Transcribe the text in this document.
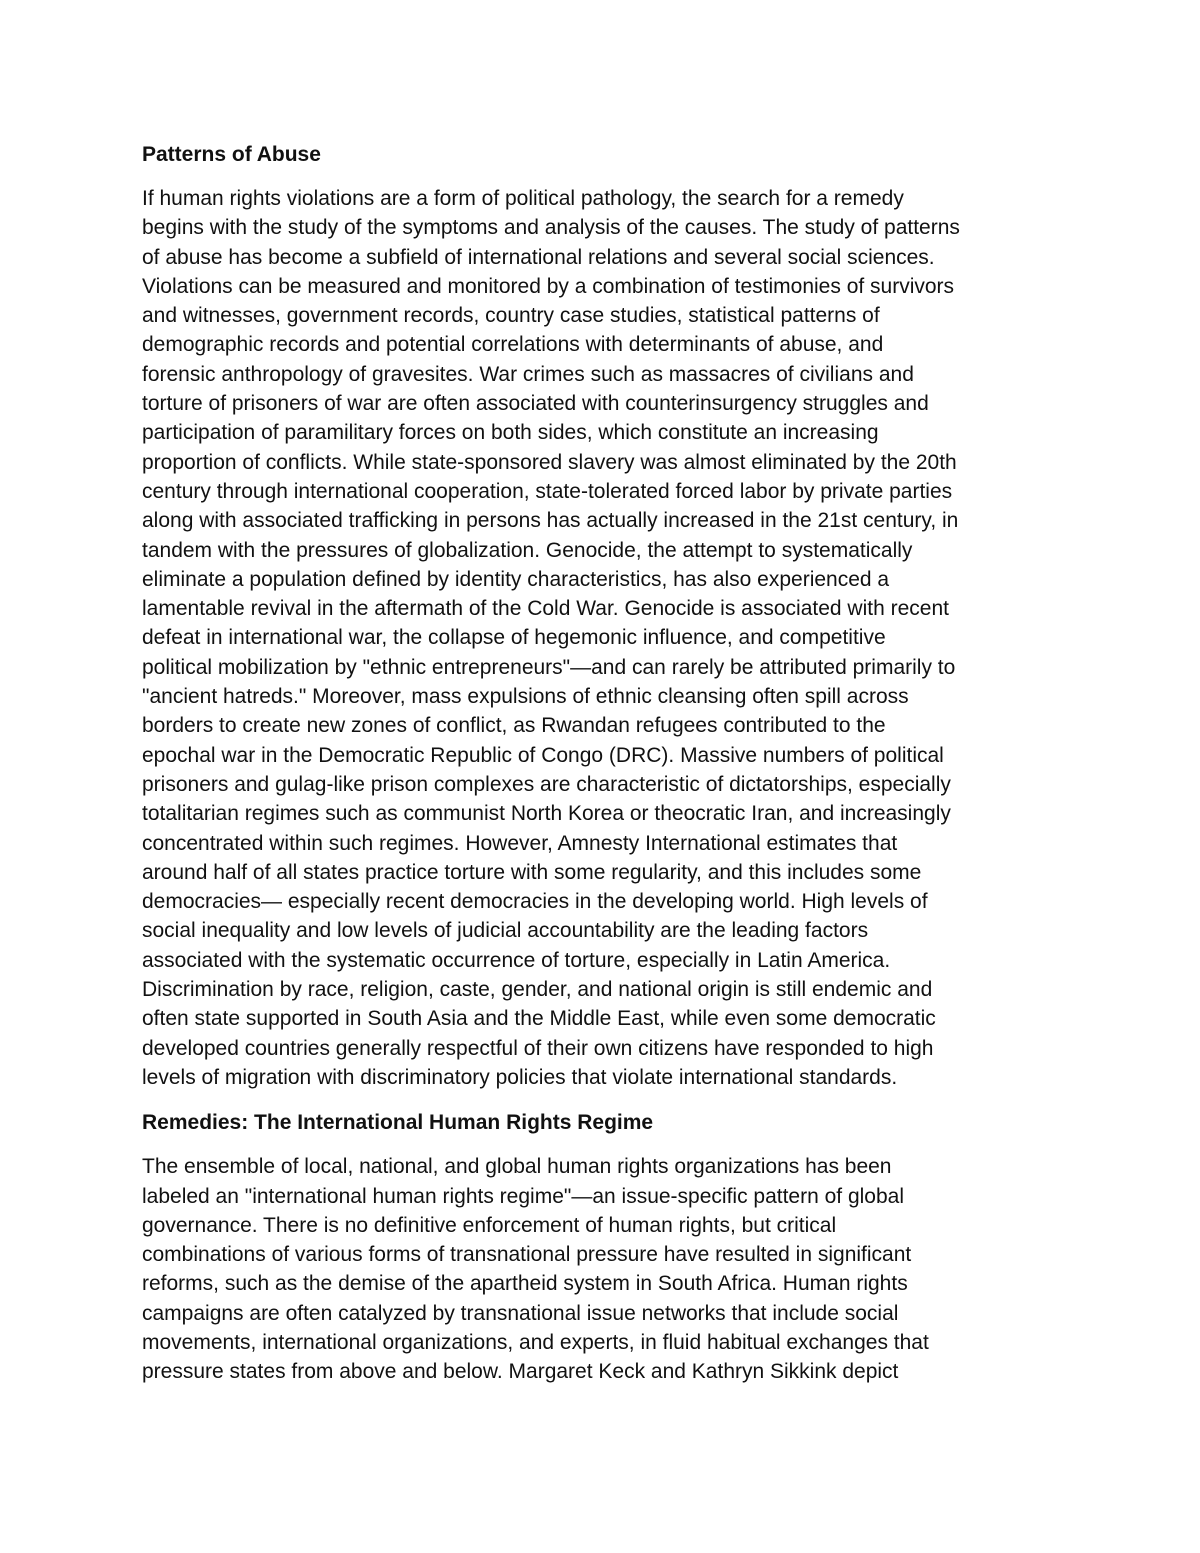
Patterns of Abuse

If human rights violations are a form of political pathology, the search for a remedy
begins with the study of the symptoms and analysis of the causes. The study of patterns
of abuse has become a subfield of international relations and several social sciences.
Violations can be measured and monitored by a combination of testimonies of survivors
and witnesses, government records, country case studies, statistical patterns of
demographic records and potential correlations with determinants of abuse, and
forensic anthropology of gravesites. War crimes such as massacres of civilians and
torture of prisoners of war are often associated with counterinsurgency struggles and
participation of paramilitary forces on both sides, which constitute an increasing
proportion of conflicts. While state-sponsored slavery was almost eliminated by the 20th
century through international cooperation, state-tolerated forced labor by private parties
along with associated trafficking in persons has actually increased in the 21st century, in
tandem with the pressures of globalization. Genocide, the attempt to systematically
eliminate a population defined by identity characteristics, has also experienced a
lamentable revival in the aftermath of the Cold War. Genocide is associated with recent
defeat in international war, the collapse of hegemonic influence, and competitive
political mobilization by "ethnic entrepreneurs"—and can rarely be attributed primarily to
"ancient hatreds." Moreover, mass expulsions of ethnic cleansing often spill across
borders to create new zones of conflict, as Rwandan refugees contributed to the
epochal war in the Democratic Republic of Congo (DRC). Massive numbers of political
prisoners and gulag-like prison complexes are characteristic of dictatorships, especially
totalitarian regimes such as communist North Korea or theocratic Iran, and increasingly
concentrated within such regimes. However, Amnesty International estimates that
around half of all states practice torture with some regularity, and this includes some
democracies— especially recent democracies in the developing world. High levels of
social inequality and low levels of judicial accountability are the leading factors
associated with the systematic occurrence of torture, especially in Latin America.
Discrimination by race, religion, caste, gender, and national origin is still endemic and
often state supported in South Asia and the Middle East, while even some democratic
developed countries generally respectful of their own citizens have responded to high
levels of migration with discriminatory policies that violate international standards.

Remedies: The International Human Rights Regime

The ensemble of local, national, and global human rights organizations has been
labeled an "international human rights regime"—an issue-specific pattern of global
governance. There is no definitive enforcement of human rights, but critical
combinations of various forms of transnational pressure have resulted in significant
reforms, such as the demise of the apartheid system in South Africa. Human rights
campaigns are often catalyzed by transnational issue networks that include social
movements, international organizations, and experts, in fluid habitual exchanges that
pressure states from above and below. Margaret Keck and Kathryn Sikkink depict
